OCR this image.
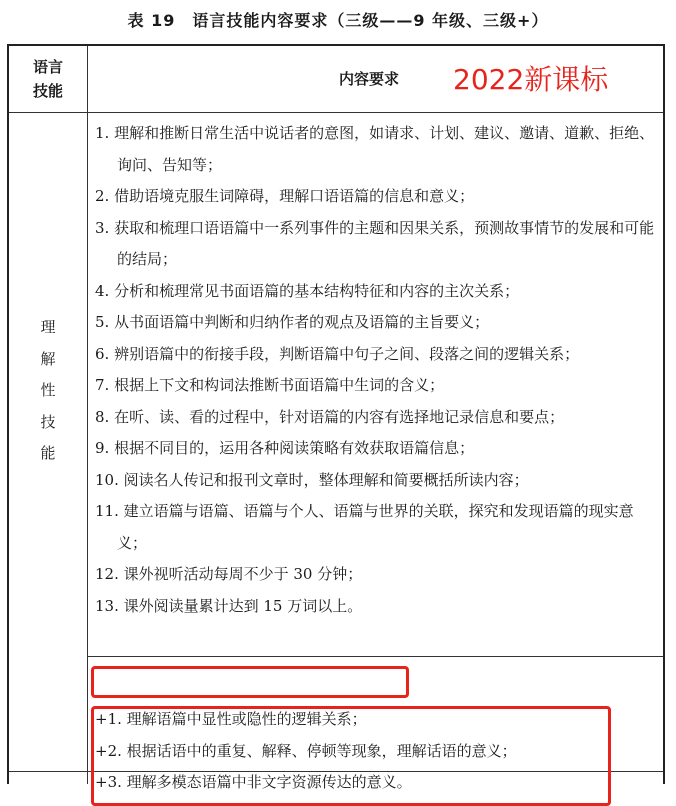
表 19　语言技能内容要求（三级——9 年级、三级+）
语言
技能
内容要求 2022新课标
理
解
性
技
能
1. 理解和推断日常生活中说话者的意图，如请求、计划、建议、邀请、道歉、拒绝、询问、告知等；
2. 借助语境克服生词障碍，理解口语语篇的信息和意义；
3. 获取和梳理口语语篇中一系列事件的主题和因果关系，预测故事情节的发展和可能的结局；
4. 分析和梳理常见书面语篇的基本结构特征和内容的主次关系；
5. 从书面语篇中判断和归纳作者的观点及语篇的主旨要义；
6. 辨别语篇中的衔接手段，判断语篇中句子之间、段落之间的逻辑关系；
7. 根据上下文和构词法推断书面语篇中生词的含义；
8. 在听、读、看的过程中，针对语篇的内容有选择地记录信息和要点；
9. 根据不同目的，运用各种阅读策略有效获取语篇信息；
10. 阅读名人传记和报刊文章时，整体理解和简要概括所读内容；
11. 建立语篇与语篇、语篇与个人、语篇与世界的关联，探究和发现语篇的现实意义；
12. 课外视听活动每周不少于 30 分钟；
13. 课外阅读量累计达到 15 万词以上。
+1. 理解语篇中显性或隐性的逻辑关系；
+2. 根据话语中的重复、解释、停顿等现象，理解话语的意义；
+3. 理解多模态语篇中非文字资源传达的意义。
